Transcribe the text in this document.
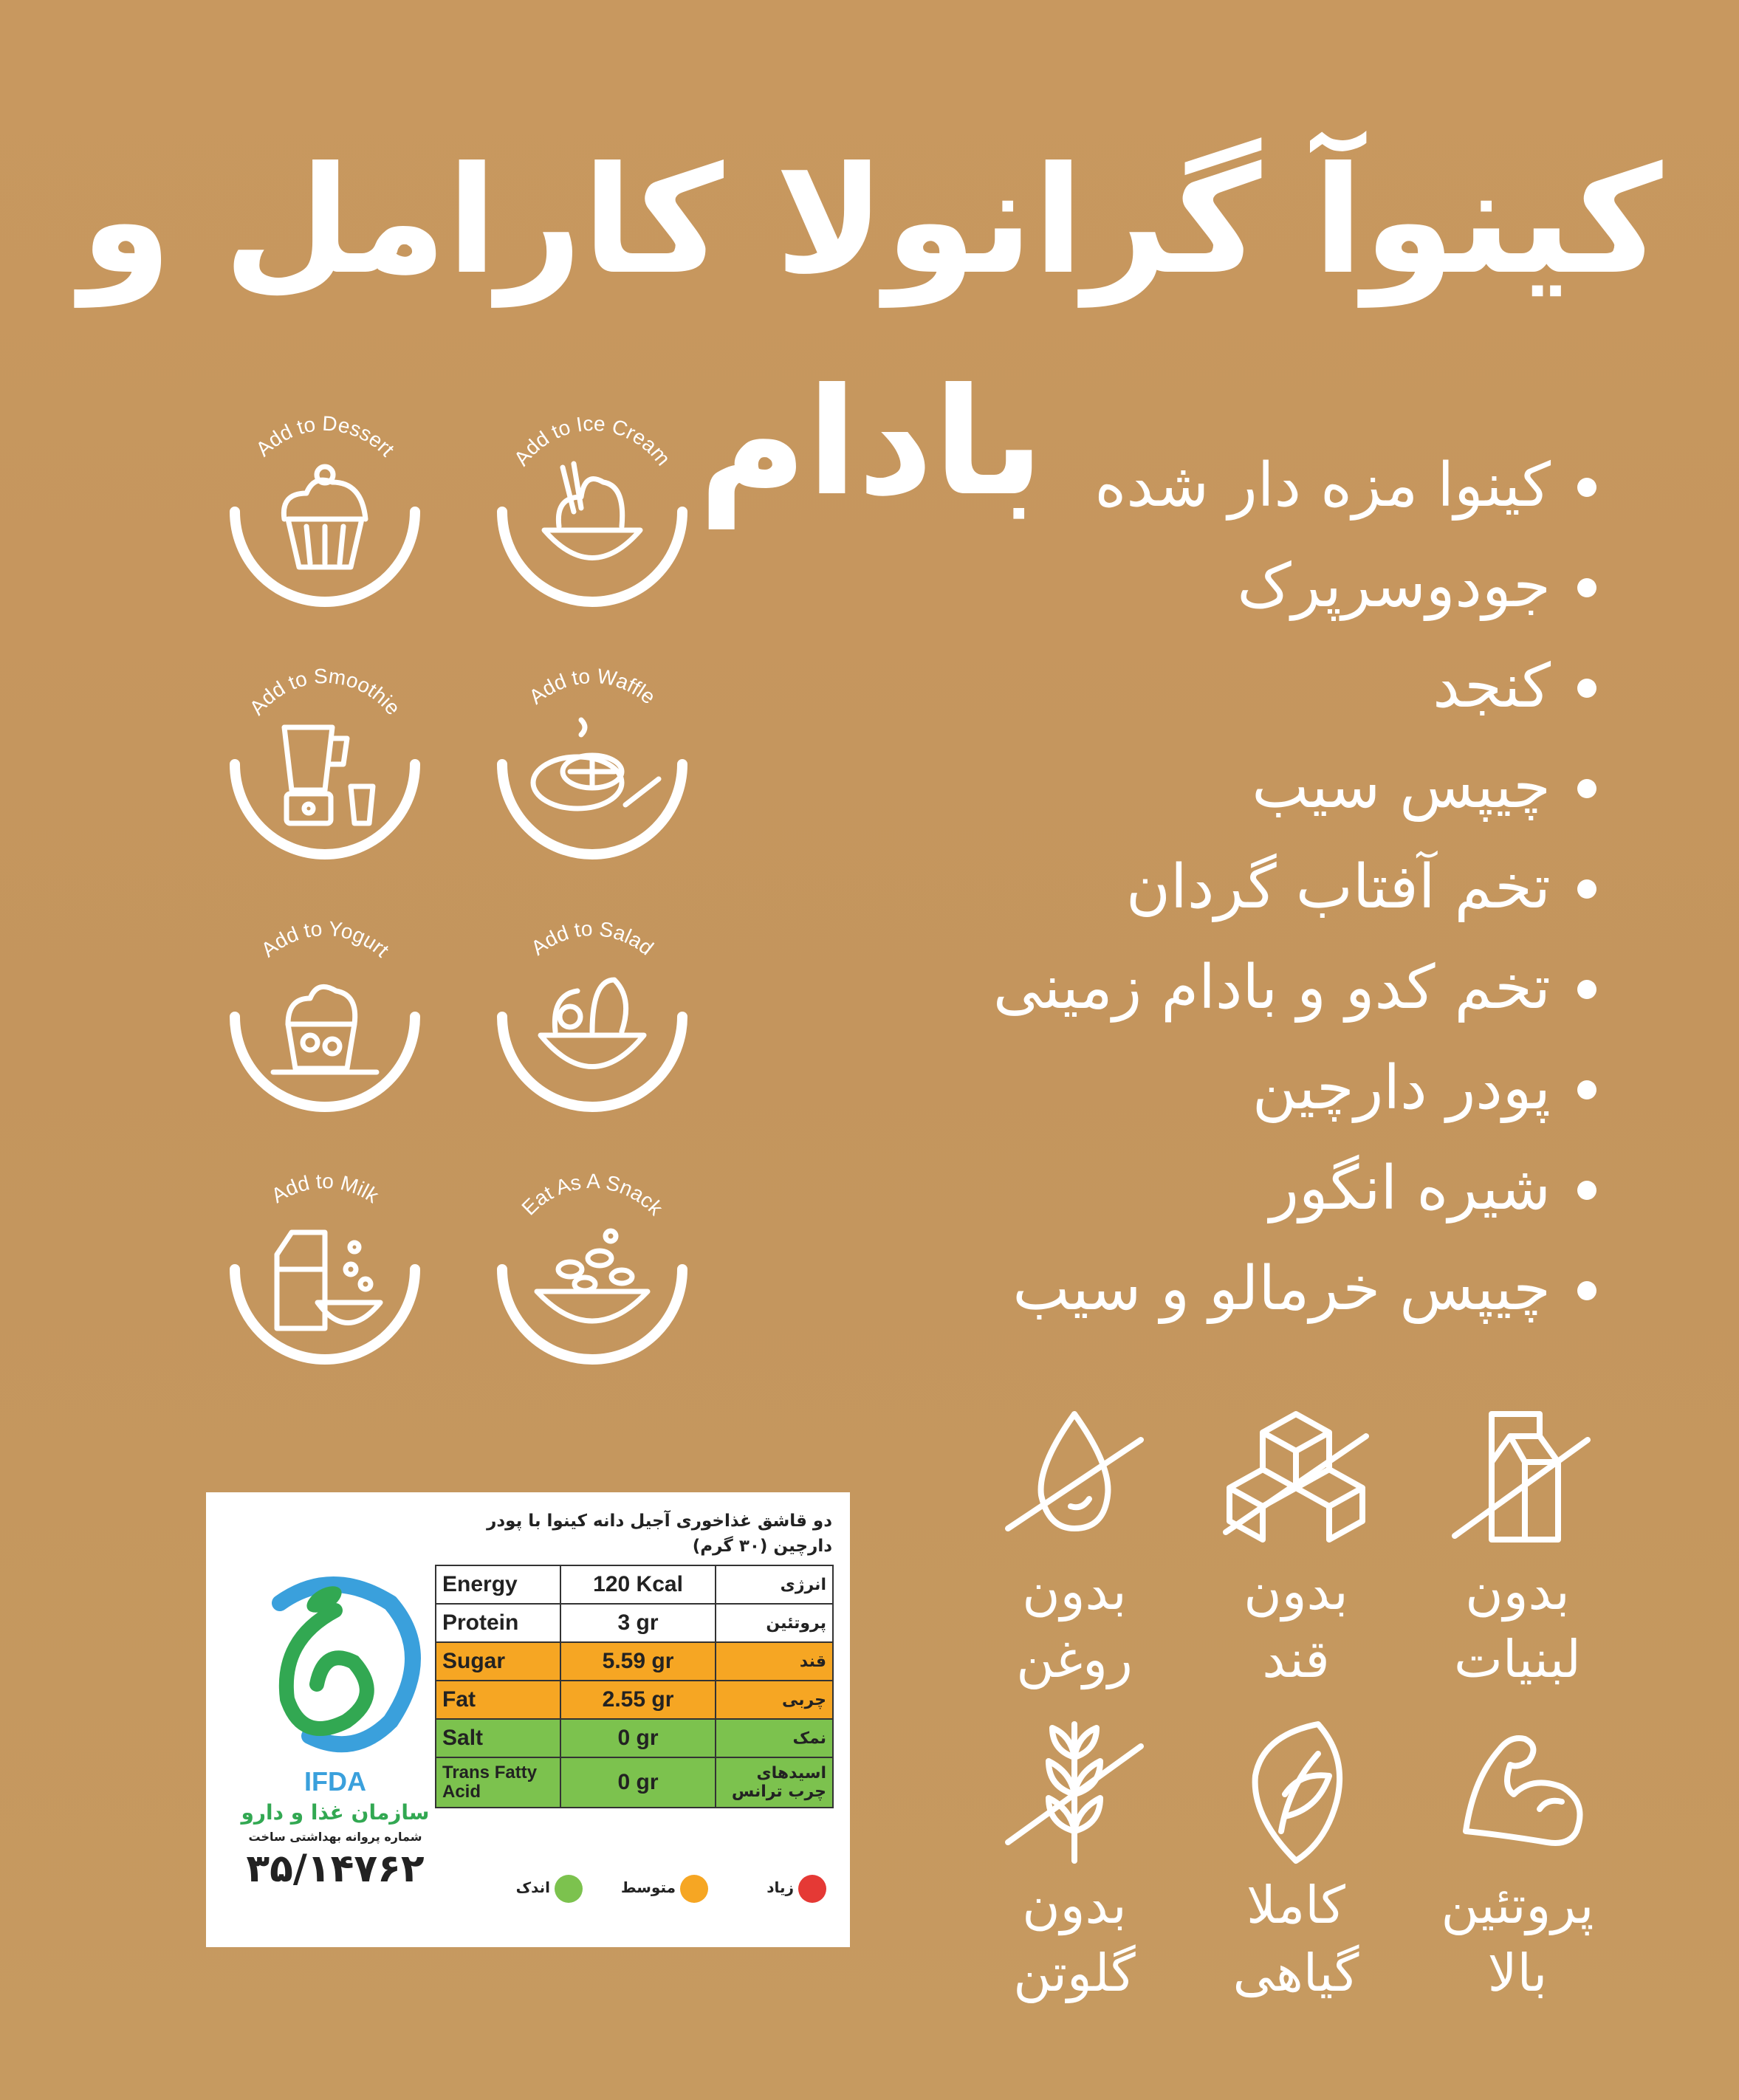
کینوآ گرانولا کارامل و بادام
Add to Dessert	Add to Ice Cream
Add to Smoothie	Add to Waffle
Add to Yogurt	Add to Salad
Add to Milk	Eat As A Snack
کینوا مزه دار شده
جودوسرپرک
کنجد
چیپس سیب
تخم آفتاب گردان
تخم کدو و بادام زمینی
پودر دارچین
شیره انگور
چیپس خرمالو و سیب
IFDA
سازمان غذا و دارو
شماره پروانه بهداشتی ساخت
۳۵/۱۴۷۶۲
دو قاشق غذاخوری آجیل دانه کینوا با پودر دارچین (۳۰ گرم)
Energy	120 Kcal	انرژی
Protein	3 gr	پروتئین
Sugar	5.59 gr	قند
Fat	2.55 gr	چربی
Salt	0 gr	نمک
Trans Fatty Acid	0 gr	اسیدهای چرب ترانس
زیاد
متوسط
اندک
بدون
روغن
بدون
قند
بدون
لبنیات
بدون
گلوتن
کاملا
گیاهی
پروتئین
بالا
